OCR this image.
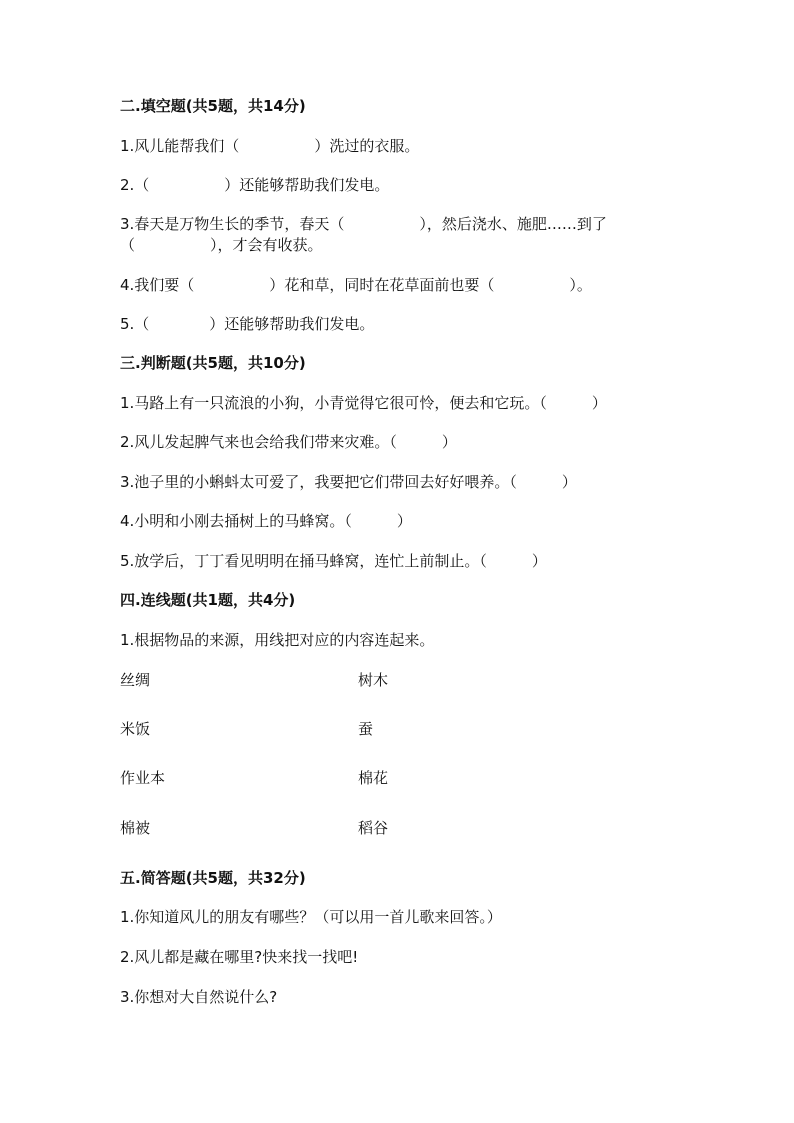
二.填空题(共5题，共14分)
1.风儿能帮我们（　　　　　）洗过的衣服。
2.（　　　　　）还能够帮助我们发电。
3.春天是万物生长的季节，春天（　　　　　），然后浇水、施肥……到了
（　　　　　），才会有收获。
4.我们要（　　　　　）花和草，同时在花草面前也要（　　　　　）。
5.（　　　　）还能够帮助我们发电。
三.判断题(共5题，共10分)
1.马路上有一只流浪的小狗，小青觉得它很可怜，便去和它玩。（　　　）
2.风儿发起脾气来也会给我们带来灾难。（　　　）
3.池子里的小蝌蚪太可爱了，我要把它们带回去好好喂养。（　　　）
4.小明和小刚去捅树上的马蜂窝。（　　　）
5.放学后，丁丁看见明明在捅马蜂窝，连忙上前制止。（　　　）
四.连线题(共1题，共4分)
1.根据物品的来源，用线把对应的内容连起来。
丝绸	树木
米饭	蚕
作业本	棉花
棉被	稻谷
五.简答题(共5题，共32分)
1.你知道风儿的朋友有哪些？（可以用一首儿歌来回答。）
2.风儿都是藏在哪里?快来找一找吧!
3.你想对大自然说什么?
